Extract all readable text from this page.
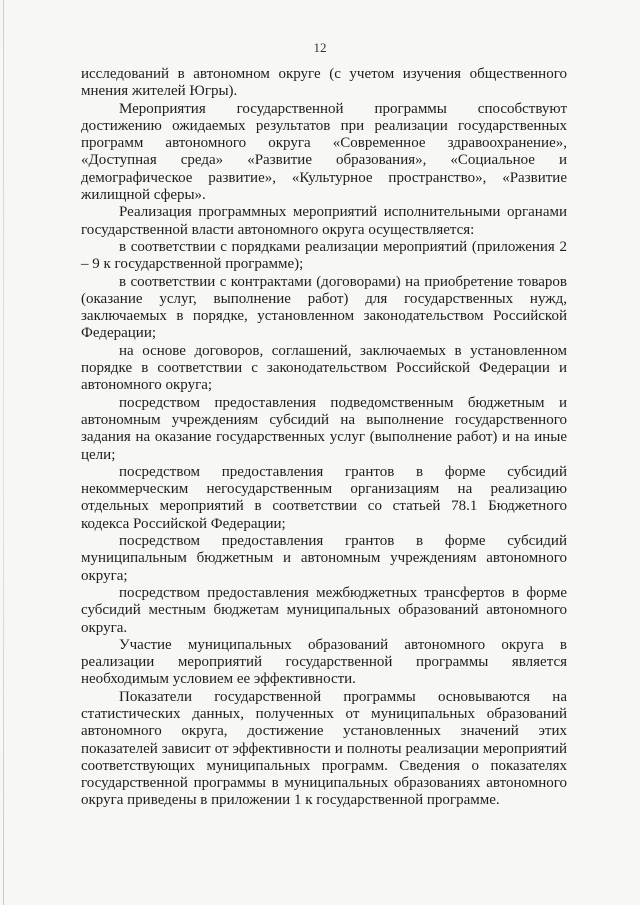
12

исследований в автономном округе (с учетом изучения общественного мнения жителей Югры).

Мероприятия государственной программы способствуют достижению ожидаемых результатов при реализации государственных программ автономного округа «Современное здравоохранение», «Доступная среда» «Развитие образования», «Социальное и демографическое развитие», «Культурное пространство», «Развитие жилищной сферы».

Реализация программных мероприятий исполнительными органами государственной власти автономного округа осуществляется:

в соответствии с порядками реализации мероприятий (приложения 2 – 9 к государственной программе);

в соответствии с контрактами (договорами) на приобретение товаров (оказание услуг, выполнение работ) для государственных нужд, заключаемых в порядке, установленном законодательством Российской Федерации;

на основе договоров, соглашений, заключаемых в установленном порядке в соответствии с законодательством Российской Федерации и автономного округа;

посредством предоставления подведомственным бюджетным и автономным учреждениям субсидий на выполнение государственного задания на оказание государственных услуг (выполнение работ) и на иные цели;

посредством предоставления грантов в форме субсидий некоммерческим негосударственным организациям на реализацию отдельных мероприятий в соответствии со статьей 78.1 Бюджетного кодекса Российской Федерации;

посредством предоставления грантов в форме субсидий муниципальным бюджетным и автономным учреждениям автономного округа;

посредством предоставления межбюджетных трансфертов в форме субсидий местным бюджетам муниципальных образований автономного округа.

Участие муниципальных образований автономного округа в реализации мероприятий государственной программы является необходимым условием ее эффективности.

Показатели государственной программы основываются на статистических данных, полученных от муниципальных образований автономного округа, достижение установленных значений этих показателей зависит от эффективности и полноты реализации мероприятий соответствующих муниципальных программ. Сведения о показателях государственной программы в муниципальных образованиях автономного округа приведены в приложении 1 к государственной программе.
